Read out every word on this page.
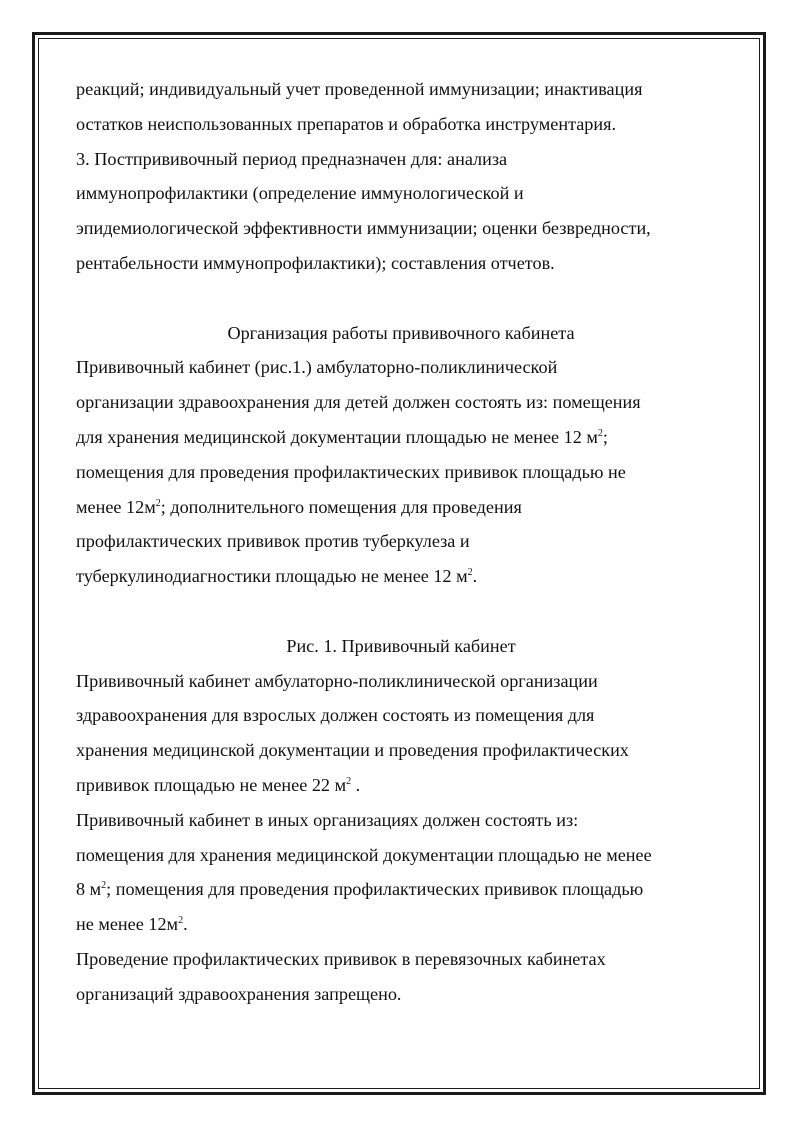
реакций; индивидуальный учет проведенной иммунизации; инактивация
остатков неиспользованных препаратов и обработка инструментария.
3. Постпрививочный период предназначен для: анализа
иммунопрофилактики (определение иммунологической и
эпидемиологической эффективности иммунизации; оценки безвредности,
рентабельности иммунопрофилактики); составления отчетов.
Организация работы прививочного кабинета
Прививочный кабинет (рис.1.) амбулаторно-поликлинической
организации здравоохранения для детей должен состоять из: помещения
для хранения медицинской документации площадью не менее 12 $м^2$;
помещения для проведения профилактических прививок площадью не
менее $12м^2$; дополнительного помещения для проведения
профилактических прививок против туберкулеза и
туберкулинодиагностики площадью не менее 12 $м^2$.
Рис. 1. Прививочный кабинет
Прививочный кабинет амбулаторно-поликлинической организации
здравоохранения для взрослых должен состоять из помещения для
хранения медицинской документации и проведения профилактических
прививок площадью не менее 22 $м^2$ .
Прививочный кабинет в иных организациях должен состоять из:
помещения для хранения медицинской документации площадью не менее
8 $м^2$; помещения для проведения профилактических прививок площадью
не менее $12м^2$.
Проведение профилактических прививок в перевязочных кабинетах
организаций здравоохранения запрещено.
